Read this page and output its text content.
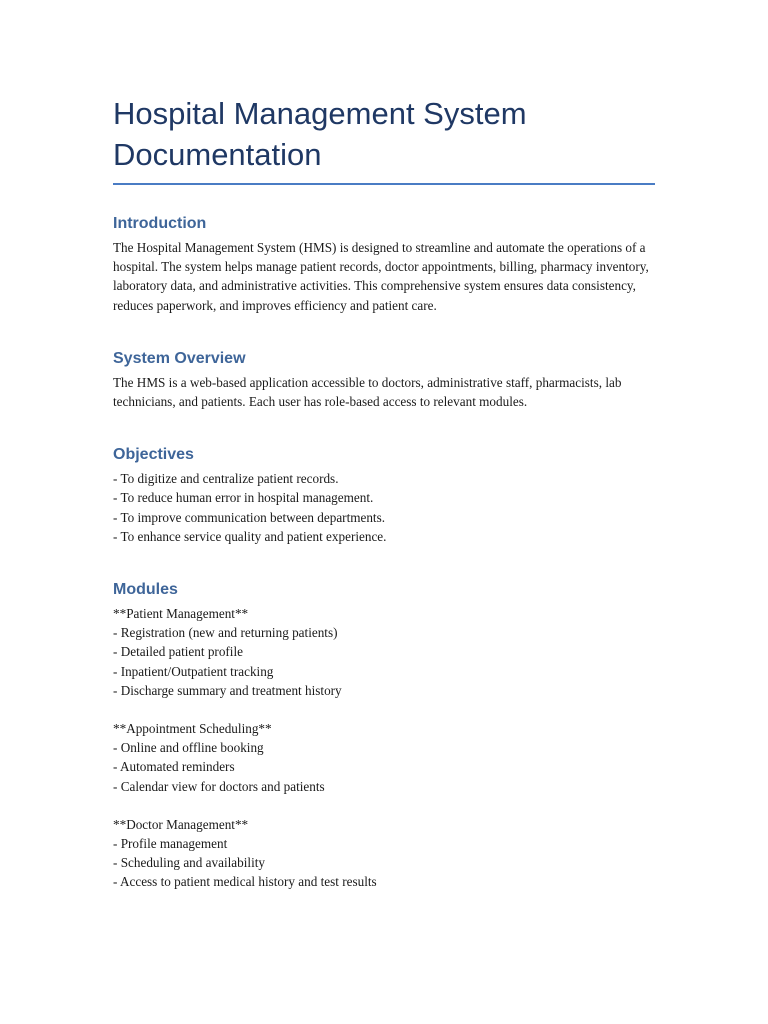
Hospital Management System Documentation
Introduction

The Hospital Management System (HMS) is designed to streamline and automate the operations of a hospital. The system helps manage patient records, doctor appointments, billing, pharmacy inventory, laboratory data, and administrative activities. This comprehensive system ensures data consistency, reduces paperwork, and improves efficiency and patient care.

System Overview

The HMS is a web-based application accessible to doctors, administrative staff, pharmacists, lab technicians, and patients. Each user has role-based access to relevant modules.

Objectives

- To digitize and centralize patient records.

- To reduce human error in hospital management.

- To improve communication between departments.

- To enhance service quality and patient experience.

Modules

**Patient Management**

- Registration (new and returning patients)

- Detailed patient profile

- Inpatient/Outpatient tracking

- Discharge summary and treatment history

**Appointment Scheduling**

- Online and offline booking

- Automated reminders

- Calendar view for doctors and patients

**Doctor Management**

- Profile management

- Scheduling and availability

- Access to patient medical history and test results
